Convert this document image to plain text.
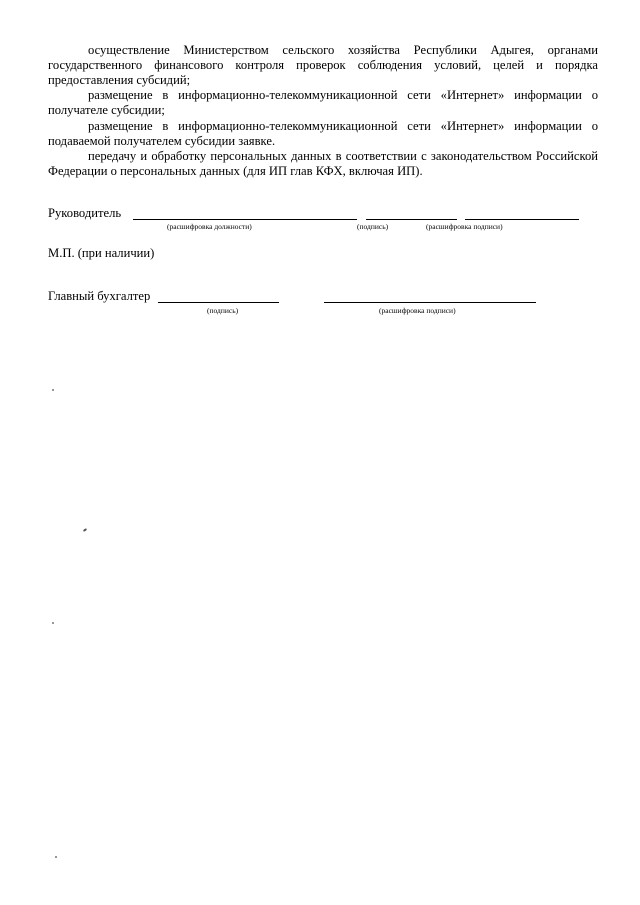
осуществление Министерством сельского хозяйства Республики Адыгея, органами государственного финансового контроля проверок соблюдения условий, целей и порядка предоставления субсидий;
размещение в информационно-телекоммуникационной сети «Интернет» информации о получателе субсидии;
размещение в информационно-телекоммуникационной сети «Интернет» информации о подаваемой получателем субсидии заявке.
передачу и обработку персональных данных в соответствии с законодательством Российской Федерации о персональных данных (для ИП глав КФХ, включая ИП).
Руководитель
(расшифровка должности)	(подпись)	(расшифровка подписи)
М.П. (при наличии)
Главный бухгалтер
(подпись)	(расшифровка подписи)
